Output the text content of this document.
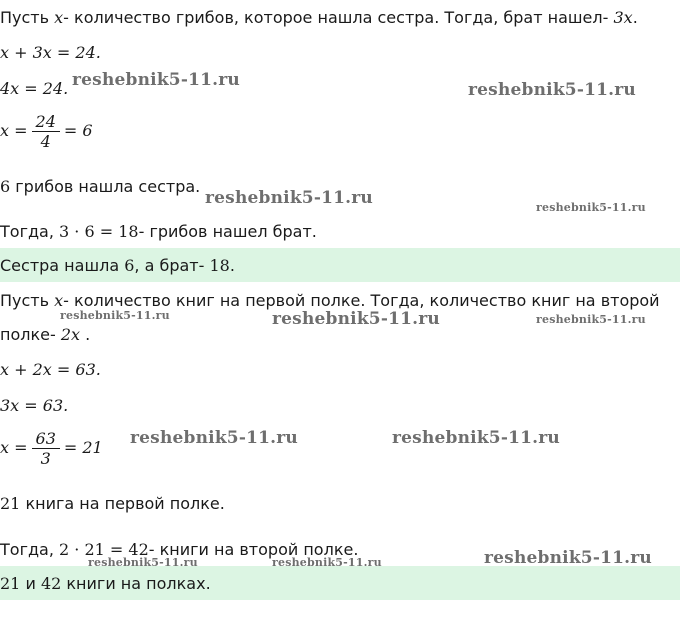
Пусть x- количество грибов, которое нашла сестра. Тогда, брат нашел- 3x.
x + 3x = 24.
4x = 24.
$x = \frac{24}{4} = 6$
6 грибов нашла сестра.
Тогда, 3 · 6 = 18- грибов нашел брат.
Сестра нашла 6, а брат- 18.
Пусть x- количество книг на первой полке. Тогда, количество книг на второй
полке- 2x .
x + 2x = 63.
3x = 63.
$x = \frac{63}{3} = 21$
21 книга на первой полке.
Тогда, 2 · 21 = 42- книги на второй полке.
21 и 42 книги на полках.
reshebnik5-11.ru	reshebnik5-11.ru
reshebnik5-11.ru	reshebnik5-11.ru
reshebnik5-11.ru	reshebnik5-11.ru	reshebnik5-11.ru
reshebnik5-11.ru	reshebnik5-11.ru
reshebnik5-11.ru	reshebnik5-11.ru	reshebnik5-11.ru
